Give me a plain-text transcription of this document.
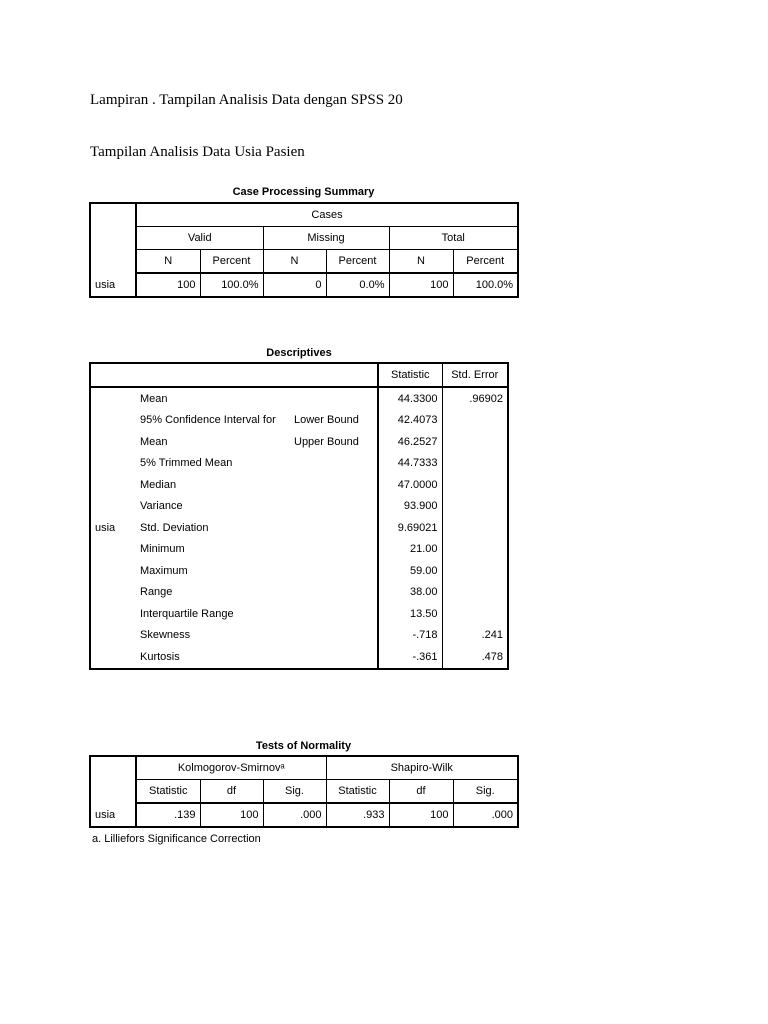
Lampiran . Tampilan Analisis Data dengan SPSS 20
Tampilan Analisis Data Usia Pasien
Case Processing Summary
	Cases					
	Valid		Missing		Total	
	N	Percent	N	Percent	N	Percent
usia	100	100.0%	0	0.0%	100	100.0%
Descriptives
			Statistic	Std. Error
usia	Mean		44.3300	.96902
	95% Confidence Interval for	Lower Bound	42.4073	
	Mean	Upper Bound	46.2527	
	5% Trimmed Mean		44.7333	
	Median		47.0000	
	Variance		93.900	
	Std. Deviation		9.69021	
	Minimum		21.00	
	Maximum		59.00	
	Range		38.00	
	Interquartile Range		13.50	
	Skewness		-.718	.241
	Kurtosis		-.361	.478
Tests of Normality
	Kolmogorov-Smirnovᵃ			Shapiro-Wilk		
	Statistic	df	Sig.	Statistic	df	Sig.
usia	.139	100	.000	.933	100	.000
a. Lilliefors Significance Correction
